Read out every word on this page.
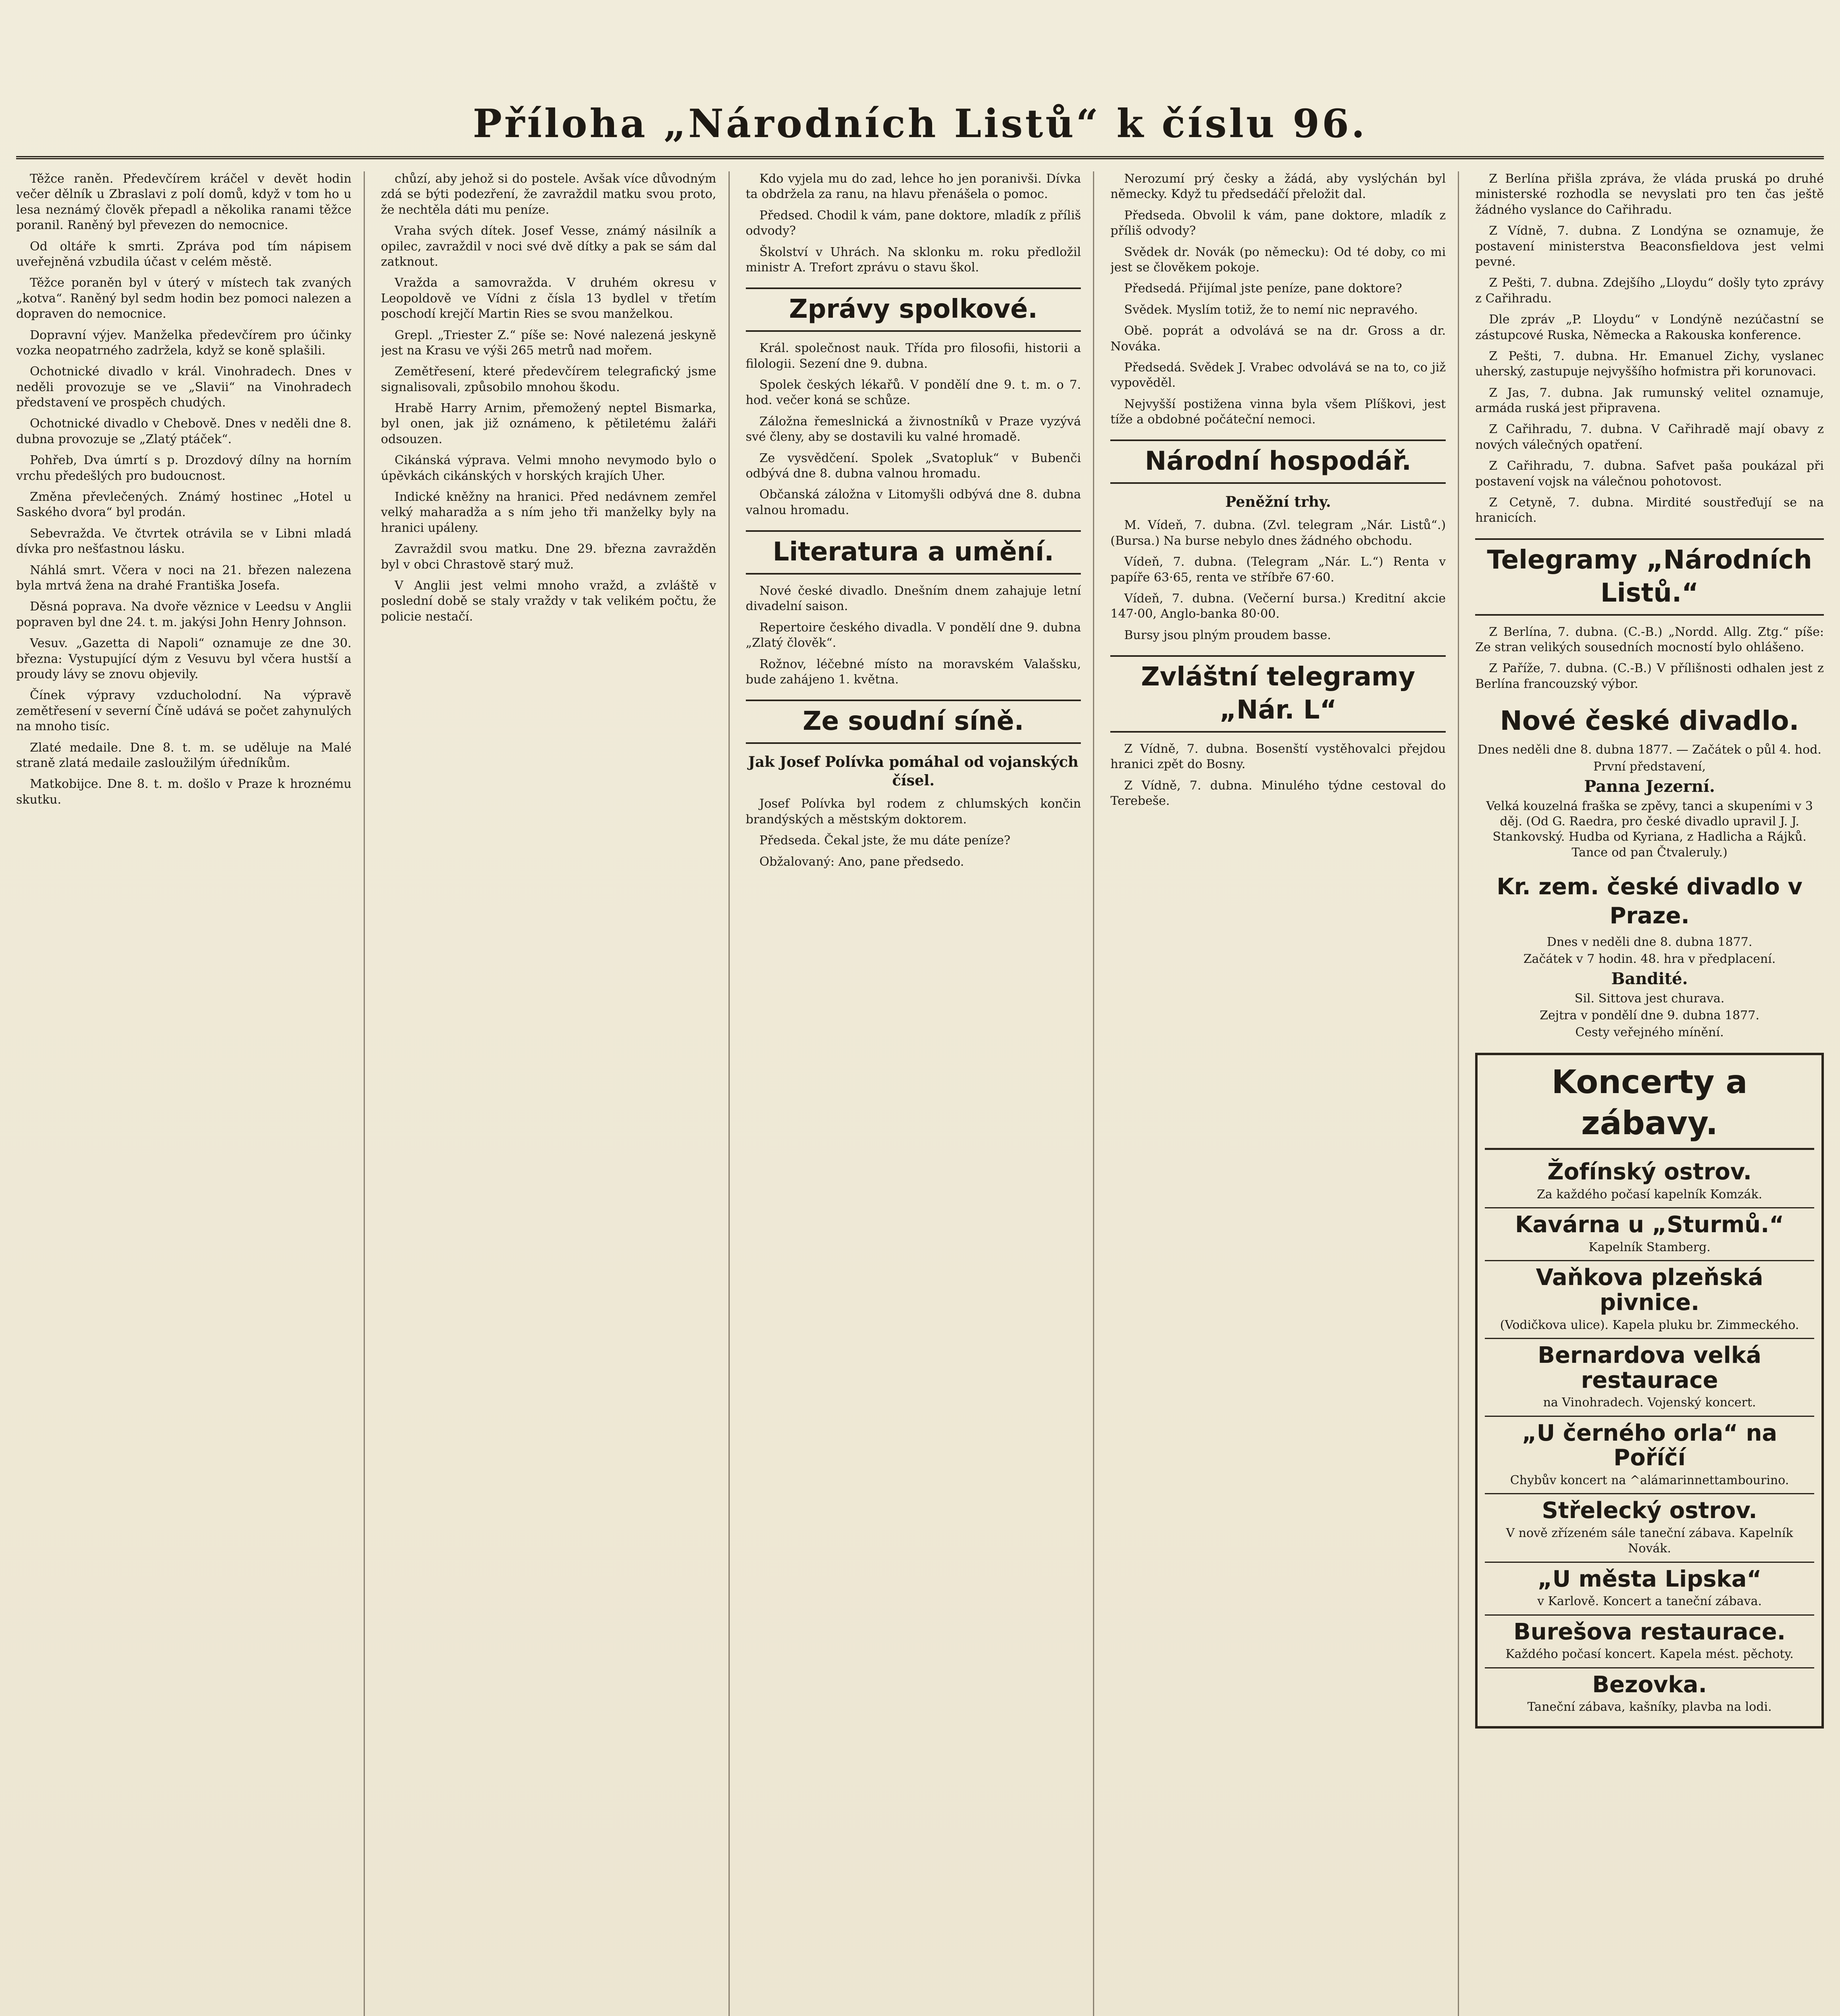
Příloha „Národních Listů“ k číslu 96.

Těžce raněn. Předevčírem kráčel v devět hodin večer dělník u Zbraslavi z polí domů, když v tom ho u lesa neznámý člověk přepadl a několika ranami těžce poranil. Raněný byl převezen do nemocnice.

Od oltáře k smrti. Zpráva pod tím nápisem uveřejněná vzbudila účast v celém městě.

Těžce poraněn byl v úterý v místech tak zvaných „kotva“. Raněný byl sedm hodin bez pomoci nalezen a dopraven do nemocnice.

Dopravní výjev. Manželka předevčírem pro účinky vozka neopatrného zadržela, když se koně splašili.

Ochotnické divadlo v král. Vinohradech. Dnes v neděli provozuje se ve „Slavii“ na Vinohradech představení ve prospěch chudých.

Ochotnické divadlo v Chebově. Dnes v neděli dne 8. dubna provozuje se „Zlatý ptáček“.

Pohřeb, Dva úmrtí s p. Drozdový dílny na horním vrchu předešlých pro budoucnost.

Změna převlečených. Známý hostinec „Hotel u Saského dvora“ byl prodán.

Sebevražda. Ve čtvrtek otrávila se v Libni mladá dívka pro nešťastnou lásku.

Náhlá smrt. Včera v noci na 21. březen nalezena byla mrtvá žena na drahé Františka Josefa.

Děsná popravа. Na dvoře věznice v Leedsu v Anglii popraven byl dne 24. t. m. jakýsi John Henry Johnson.

Vesuv. „Gazetta di Napoli“ oznamuje ze dne 30. března: Vystupující dým z Vesuvu byl včera hustší a proudy lávy se znovu objevily.

Čínek výpravy vzducholodní. Na výpravě zemětřesení v severní Číně udává se počet zahynulých na mnoho tisíc.

Zlaté medaile. Dne 8. t. m. se uděluje na Malé straně zlatá medaile zasloužilým úředníkům.

Matkobijce. Dne 8. t. m. došlo v Praze k hroznému skutku.

chůzí, aby jehož si do postele. Avšak více důvodným zdá se býti podezření, že zavraždil matku svou proto, že nechtěla dáti mu peníze.

Vraha svých dítek. Josef Vesse, známý násilník a opilec, zavraždil v noci své dvě dítky a pak se sám dal zatknout.

Vražda a samovražda. V druhém okresu v Leopoldově ve Vídni z čísla 13 bydlel v třetím poschodí krejčí Martin Ries se svou manželkou.

Grepl. „Triester Z.“ píše se: Nové nalezená jeskyně jest na Krasu ve výši 265 metrů nad mořem.

Zemětřesení, které předevčírem telegrafický jsme signalisovali, způsobilo mnohou škodu.

Hrabě Harry Arnim, přemožený neptel Bismarka, byl onen, jak již oznámeno, k pětiletému žaláři odsouzen.

Cikánská výprava. Velmi mnoho nevymodo bylo o úpěvkách cikánských v horských krajích Uher.

Indické kněžny na hranici. Před nedávnem zemřel velký maharadža a s ním jeho tři manželky byly na hranici upáleny.

Zavraždil svou matku. Dne 29. března zavražděn byl v obci Chrastově starý muž.

V Anglii jest velmi mnoho vražd, a zvláště v poslední době se staly vraždy v tak velikém počtu, že policie nestačí.

Kdo vyjela mu do zad, lehce ho jen poranivši. Dívka ta obdržela za ranu, na hlavu přenášela o pomoc.

Předsed. Chodil k vám, pane doktore, mladík z příliš odvody?

Školství v Uhrách. Na sklonku m. roku předložil ministr A. Trefort zprávu o stavu škol.

Zprávy spolkové.

Král. společnost nauk. Třída pro filosofii, historii a filologii. Sezení dne 9. dubna.

Spolek českých lékařů. V pondělí dne 9. t. m. o 7. hod. večer koná se schůze.

Záložna řemeslnická a živnostníků v Praze vyzývá své členy, aby se dostavili ku valné hromadě.

Ze vysvědčení. Spolek „Svatopluk“ v Bubenči odbývá dne 8. dubna valnou hromadu.

Občanská záložna v Litomyšli odbývá dne 8. dubna valnou hromadu.

Literatura a umění.

Nové české divadlo. Dnešním dnem zahajuje letní divadelní saison.

Repertoire českého divadla. V pondělí dne 9. dubna „Zlatý člověk“.

Rožnov, léčebné místo na moravském Valašsku, bude zahájeno 1. května.

Ze soudní síně.
Jak Josef Polívka pomáhal od vojanských čísel.

Josef Polívka byl rodem z chlumských končin brandýských a městským doktorem.

Předsedа. Čekal jste, že mu dáte peníze?

Obžalovaný: Ano, pane předsedo.

Nerozumí prý česky a žádá, aby vyslýchán byl německy. Když tu předsedáčí přeložit dal.

Předseda. Obvolil k vám, pane doktore, mladík z příliš odvody?

Svědek dr. Novák (po německu): Od té doby, co mi jest se člověkem pokoje.

Předsedá. Přijímal jste peníze, pane doktore?

Svědek. Myslím totiž, že to nemí nic nepravého.

Obě. poprát a odvolává se na dr. Gross a dr. Nováka.

Předsedá. Svědek J. Vrabec odvolává se na to, co již vypověděl.

Nejvyšší postižena vinna byla všem Plíškovi, jest tíže a obdobné počáteční nemoci.

Národní hospodář.
Peněžní trhy.

M. Vídeň, 7. dubna. (Zvl. telegram „Nár. Listů“.) (Bursa.) Na burse nebylo dnes žádného obchodu.

Vídeň, 7. dubna. (Telegram „Nár. L.“) Renta v papíře 63·65, renta ve stříbře 67·60.

Vídeň, 7. dubna. (Večerní bursa.) Kreditní akcie 147·00, Anglo-banka 80·00.

Bursy jsou plným proudem basse.

Zvláštní telegramy „Nár. L“

Z Vídně, 7. dubna. Bosenští vystěhovalci přejdou hranici zpět do Bosny.

Z Vídně, 7. dubna. Minulého týdne cestoval do Terebeše.

Z Berlína přišla zpráva, že vláda pruská po druhé ministerské rozhodla se nevyslati pro ten čas ještě žádného vyslance do Cařihradu.

Z Vídně, 7. dubna. Z Londýna se oznamuje, že postavení ministerstva Beaconsfieldova jest velmi pevné.

Z Pešti, 7. dubna. Zdejšího „Lloydu“ došly tyto zprávy z Cařihradu.

Dle zpráv „P. Lloydu“ v Londýně nezúčastní se zástupcové Ruska, Německa a Rakouska konference.

Z Pešti, 7. dubna. Hr. Emanuel Zichy, vyslanec uherský, zastupuje nejvyššího hofmistra při korunovaci.

Z Jas, 7. dubna. Jak rumunský velitel oznamuje, armáda ruská jest připravena.

Z Cařihradu, 7. dubna. V Cařihradě mají obavy z nových válečných opatření.

Z Cařihradu, 7. dubna. Safvet paša poukázal při postavení vojsk na válečnou pohotovost.

Z Cetyně, 7. dubna. Mirdité soustřeďují se na hranicích.

Telegramy „Národních Listů.“

Z Berlína, 7. dubna. (C.-B.) „Nordd. Allg. Ztg.“ píše: Ze stran velikých sousedních mocností bylo ohlášeno.

Z Paříže, 7. dubna. (C.-B.) V přílišnosti odhalen jest z Berlína francouzský výbor.

Nové české divadlo.
Dnes neděli dne 8. dubna 1877. — Začátek o půl 4. hod.
První představení,
Panna Jezerní.
Velká kouzelná fraška se zpěvy, tanci a skupeními v 3 děj. (Od G. Raedra, pro české divadlo upravil J. J. Stankovský. Hudba od Kyriana, z Hadlicha a Rájků. Tance od pan Čtvaleruly.)
Kr. zem. české divadlo v Praze.
Dnes v neděli dne 8. dubna 1877.
Začátek v 7 hodin. 48. hra v předplacení.
Bandité.
Sil. Sittova jest churava.
Zejtra v pondělí dne 9. dubna 1877.
Cesty veřejného mínění.
Koncerty a zábavy.
Žofínský ostrov.
Za každého počasí kapelník Komzák.
Kavárna u „Sturmů.“
Kapelník Stamberg.
Vaňkova plzeňská pivnice.
(Vodičkova ulice). Kapela pluku br. Zimmeckého.
Bernardova velká restaurace
na Vinohradech. Vojenský koncert.
„U černého orla“ na Poříčí
Chybův koncert na ^alámarinnettambourino.
Střelecký ostrov.
V nově zřízeném sále taneční zábava. Kapelník Novák.
„U města Lipska“
v Karlově. Koncert a taneční zábava.
Burešova restaurace.
Každého počasí koncert. Kapela mést. pěchoty.
Bezovka.
Taneční zábava, kašníky, plavba na lodi.
